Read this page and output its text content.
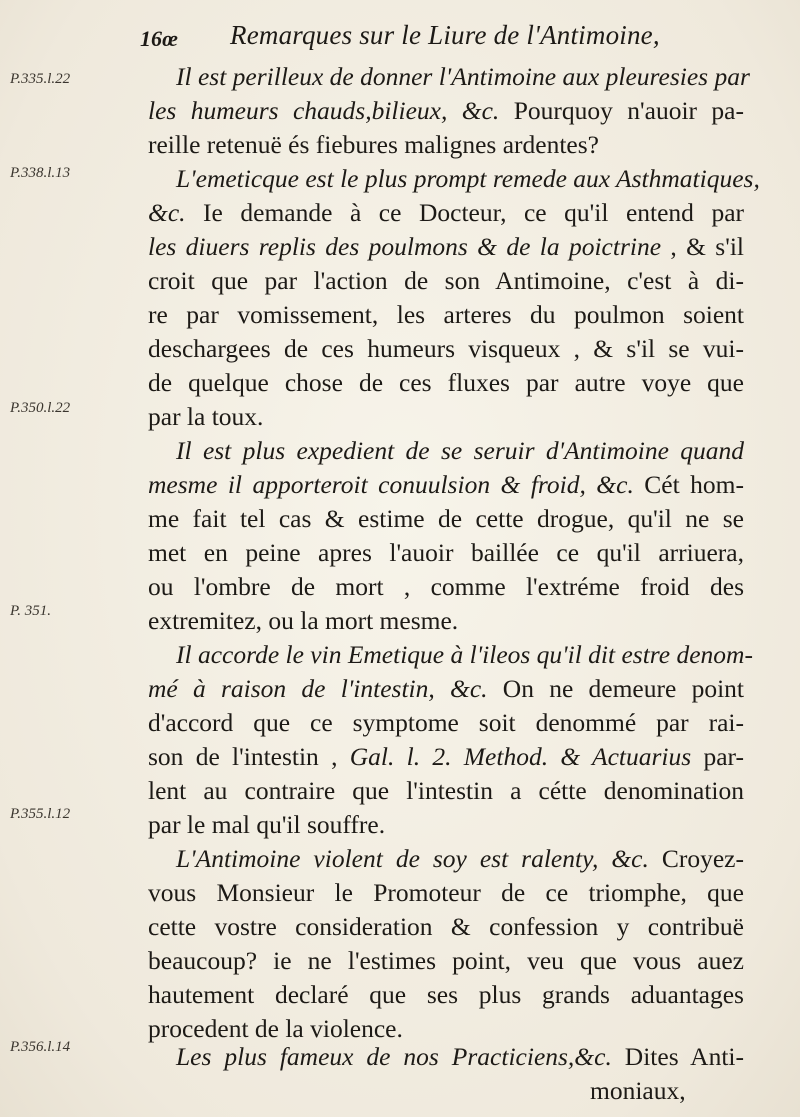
16œ Remarques sur le Liure de l'Antimoine,
P.335.l.22
P.338.l.13
P.350.l.22
P. 351.
P.355.l.12
P.356.l.14
Il est perilleux de donner l'Antimoine aux pleuresies par
les humeurs chauds,bilieux, &c. Pourquoy n'auoir pa-
reille retenuë és fiebures malignes ardentes?
L'emeticque est le plus prompt remede aux Asthmatiques,
&c. Ie demande à ce Docteur, ce qu'il entend par
les diuers replis des poulmons & de la poictrine , & s'il
croit que par l'action de son Antimoine, c'est à di-
re par vomissement, les arteres du poulmon soient
deschargees de ces humeurs visqueux , & s'il se vui-
de quelque chose de ces fluxes par autre voye que
par la toux.
Il est plus expedient de se seruir d'Antimoine quand
mesme il apporteroit conuulsion & froid, &c. Cét hom-
me fait tel cas & estime de cette drogue, qu'il ne se
met en peine apres l'auoir baillée ce qu'il arriuera,
ou l'ombre de mort , comme l'extréme froid des
extremitez, ou la mort mesme.
Il accorde le vin Emetique à l'ileos qu'il dit estre denom-
mé à raison de l'intestin, &c. On ne demeure point
d'accord que ce symptome soit denommé par rai-
son de l'intestin , Gal. l. 2. Method. & Actuarius par-
lent au contraire que l'intestin a cétte denomination
par le mal qu'il souffre.
L'Antimoine violent de soy est ralenty, &c. Croyez-
vous Monsieur le Promoteur de ce triomphe, que
cette vostre consideration & confession y contribuë
beaucoup? ie ne l'estimes point, veu que vous auez
hautement declaré que ses plus grands aduantages
procedent de la violence.
Les plus fameux de nos Practiciens,&c. Dites Anti-
moniaux,
